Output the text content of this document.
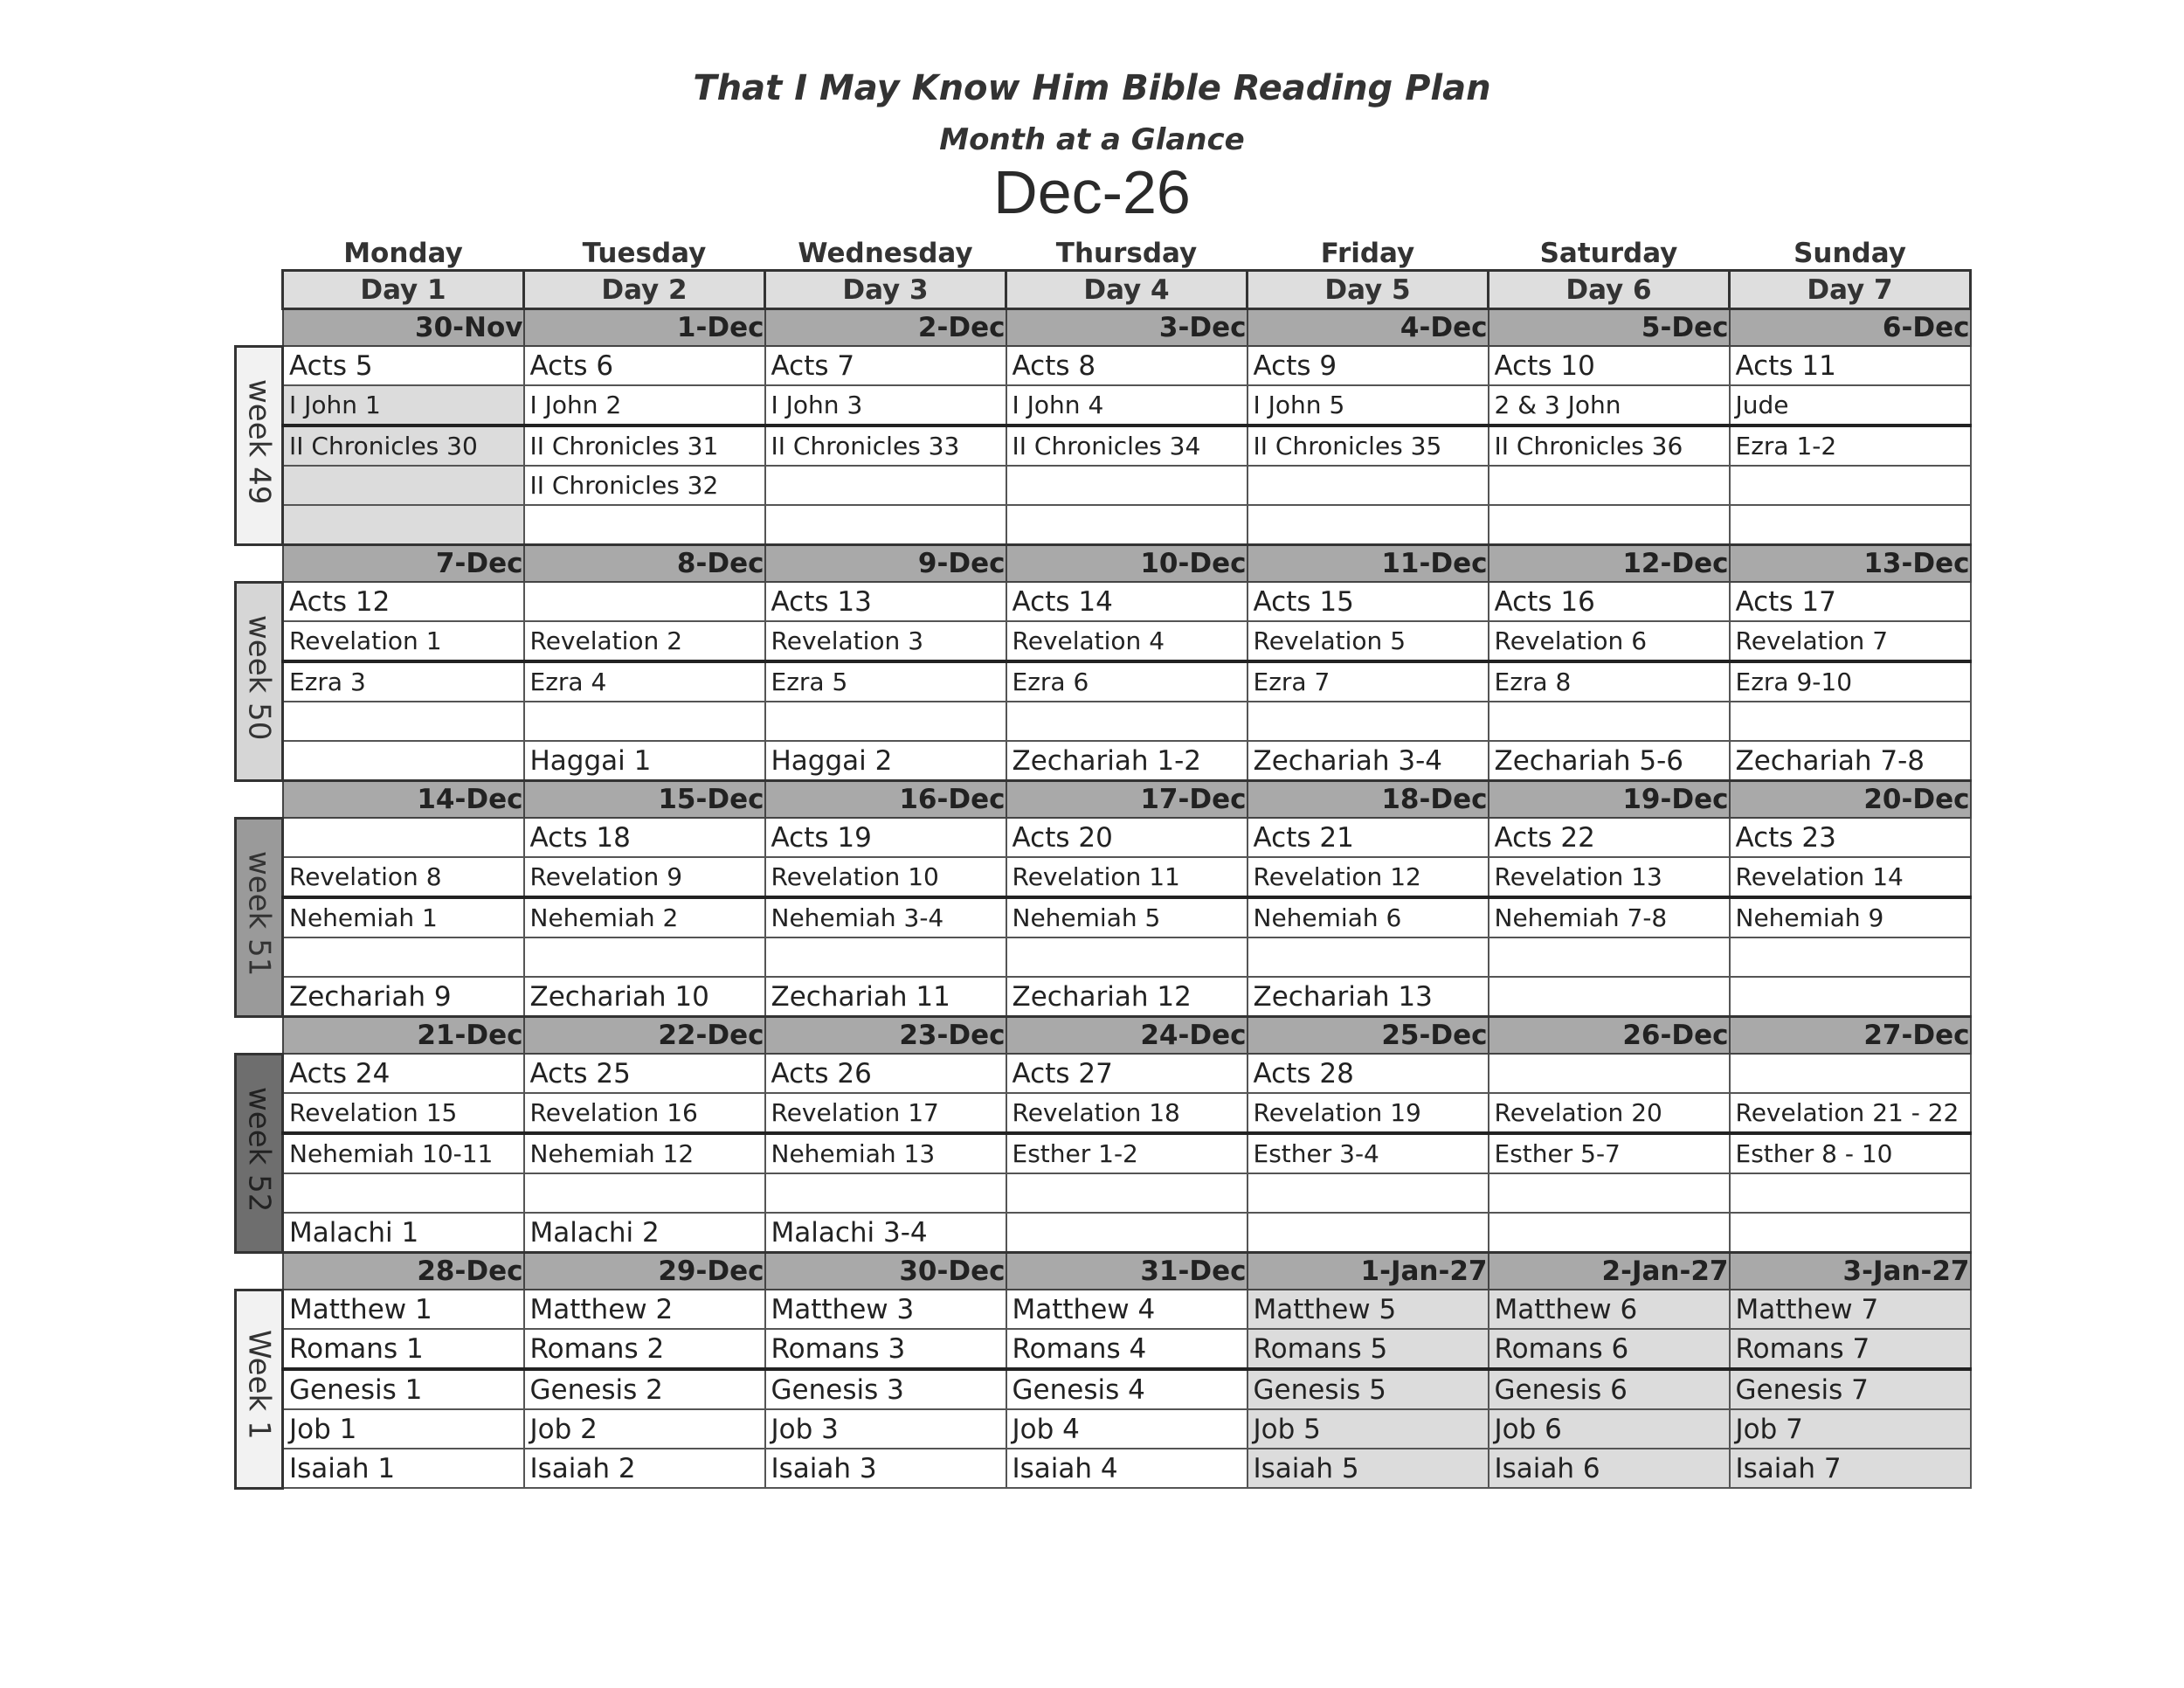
That I May Know Him Bible Reading Plan
Month at a Glance
Dec-26
	Monday	Tuesday	Wednesday	Thursday	Friday	Saturday	Sunday
	Day 1	Day 2	Day 3	Day 4	Day 5	Day 6	Day 7
	30-Nov	1-Dec	2-Dec	3-Dec	4-Dec	5-Dec	6-Dec
week 49	Acts 5	Acts 6	Acts 7	Acts 8	Acts 9	Acts 10	Acts 11
	I John 1	I John 2	I John 3	I John 4	I John 5	2 & 3 John	Jude
	II Chronicles 30	II Chronicles 31	II Chronicles 33	II Chronicles 34	II Chronicles 35	II Chronicles 36	Ezra 1-2
		II Chronicles 32					

	7-Dec	8-Dec	9-Dec	10-Dec	11-Dec	12-Dec	13-Dec
week 50	Acts 12		Acts 13	Acts 14	Acts 15	Acts 16	Acts 17
	Revelation 1	Revelation 2	Revelation 3	Revelation 4	Revelation 5	Revelation 6	Revelation 7
	Ezra 3	Ezra 4	Ezra 5	Ezra 6	Ezra 7	Ezra 8	Ezra 9-10

		Haggai 1	Haggai 2	Zechariah 1-2	Zechariah 3-4	Zechariah 5-6	Zechariah 7-8
	14-Dec	15-Dec	16-Dec	17-Dec	18-Dec	19-Dec	20-Dec
week 51		Acts 18	Acts 19	Acts 20	Acts 21	Acts 22	Acts 23
	Revelation 8	Revelation 9	Revelation 10	Revelation 11	Revelation 12	Revelation 13	Revelation 14
	Nehemiah 1	Nehemiah 2	Nehemiah 3-4	Nehemiah 5	Nehemiah 6	Nehemiah 7-8	Nehemiah 9

	Zechariah 9	Zechariah 10	Zechariah 11	Zechariah 12	Zechariah 13		
	21-Dec	22-Dec	23-Dec	24-Dec	25-Dec	26-Dec	27-Dec
week 52	Acts 24	Acts 25	Acts 26	Acts 27	Acts 28		
	Revelation 15	Revelation 16	Revelation 17	Revelation 18	Revelation 19	Revelation 20	Revelation 21 - 22
	Nehemiah 10-11	Nehemiah 12	Nehemiah 13	Esther 1-2	Esther 3-4	Esther 5-7	Esther 8 - 10

	Malachi 1	Malachi 2	Malachi 3-4				
	28-Dec	29-Dec	30-Dec	31-Dec	1-Jan-27	2-Jan-27	3-Jan-27
Week 1	Matthew 1	Matthew 2	Matthew 3	Matthew 4	Matthew 5	Matthew 6	Matthew 7
	Romans 1	Romans 2	Romans 3	Romans 4	Romans 5	Romans 6	Romans 7
	Genesis 1	Genesis 2	Genesis 3	Genesis 4	Genesis 5	Genesis 6	Genesis 7
	Job 1	Job 2	Job 3	Job 4	Job 5	Job 6	Job 7
	Isaiah 1	Isaiah 2	Isaiah 3	Isaiah 4	Isaiah 5	Isaiah 6	Isaiah 7
